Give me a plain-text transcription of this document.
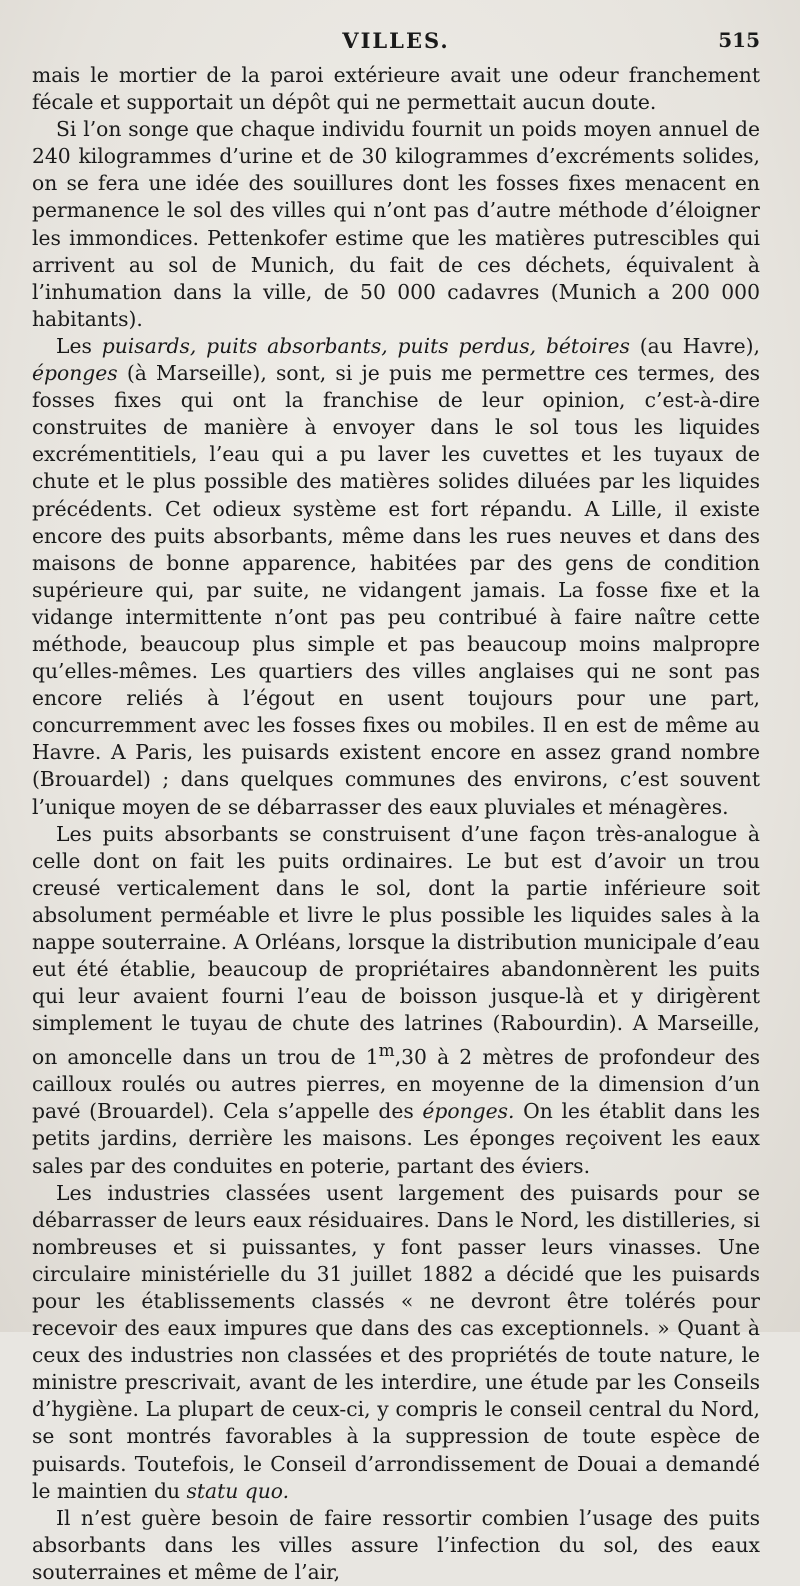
VILLES.	515

mais le mortier de la paroi extérieure avait une odeur franchement fécale et supportait un dépôt qui ne permettait aucun doute.

Si l’on songe que chaque individu fournit un poids moyen annuel de 240 kilogrammes d’urine et de 30 kilogrammes d’excréments solides, on se fera une idée des souillures dont les fosses fixes menacent en permanence le sol des villes qui n’ont pas d’autre méthode d’éloigner les immondices. Pettenkofer estime que les matières putrescibles qui arrivent au sol de Munich, du fait de ces déchets, équivalent à l’inhumation dans la ville, de 50 000 cadavres (Munich a 200 000 habitants).

Les puisards, puits absorbants, puits perdus, bétoires (au Havre), éponges (à Marseille), sont, si je puis me permettre ces termes, des fosses fixes qui ont la franchise de leur opinion, c’est-à-dire construites de manière à envoyer dans le sol tous les liquides excrémentitiels, l’eau qui a pu laver les cuvettes et les tuyaux de chute et le plus possible des matières solides diluées par les liquides précédents. Cet odieux système est fort répandu. A Lille, il existe encore des puits absorbants, même dans les rues neuves et dans des maisons de bonne apparence, habitées par des gens de condition supérieure qui, par suite, ne vidangent jamais. La fosse fixe et la vidange intermittente n’ont pas peu contribué à faire naître cette méthode, beaucoup plus simple et pas beaucoup moins malpropre qu’elles-mêmes. Les quartiers des villes anglaises qui ne sont pas encore reliés à l’égout en usent toujours pour une part, concurremment avec les fosses fixes ou mobiles. Il en est de même au Havre. A Paris, les puisards existent encore en assez grand nombre (Brouardel) ; dans quelques communes des environs, c’est souvent l’unique moyen de se débarrasser des eaux pluviales et ménagères.

Les puits absorbants se construisent d’une façon très-analogue à celle dont on fait les puits ordinaires. Le but est d’avoir un trou creusé verticalement dans le sol, dont la partie inférieure soit absolument perméable et livre le plus possible les liquides sales à la nappe souterraine. A Orléans, lorsque la distribution municipale d’eau eut été établie, beaucoup de propriétaires abandonnèrent les puits qui leur avaient fourni l’eau de boisson jusque-là et y dirigèrent simplement le tuyau de chute des latrines (Rabourdin). A Marseille, on amoncelle dans un trou de 1$^m$,30 à 2 mètres de profondeur des cailloux roulés ou autres pierres, en moyenne de la dimension d’un pavé (Brouardel). Cela s’appelle des éponges. On les établit dans les petits jardins, derrière les maisons. Les éponges reçoivent les eaux sales par des conduites en poterie, partant des éviers.

Les industries classées usent largement des puisards pour se débarrasser de leurs eaux résiduaires. Dans le Nord, les distilleries, si nombreuses et si puissantes, y font passer leurs vinasses. Une circulaire ministérielle du 31 juillet 1882 a décidé que les puisards pour les établissements classés « ne devront être tolérés pour recevoir des eaux impures que dans des cas exceptionnels. » Quant à ceux des industries non classées et des propriétés de toute nature, le ministre prescrivait, avant de les interdire, une étude par les Conseils d’hygiène. La plupart de ceux-ci, y compris le conseil central du Nord, se sont montrés favorables à la suppression de toute espèce de puisards. Toutefois, le Conseil d’arrondissement de Douai a demandé le maintien du statu quo.

Il n’est guère besoin de faire ressortir combien l’usage des puits absorbants dans les villes assure l’infection du sol, des eaux souterraines et même de l’air,
